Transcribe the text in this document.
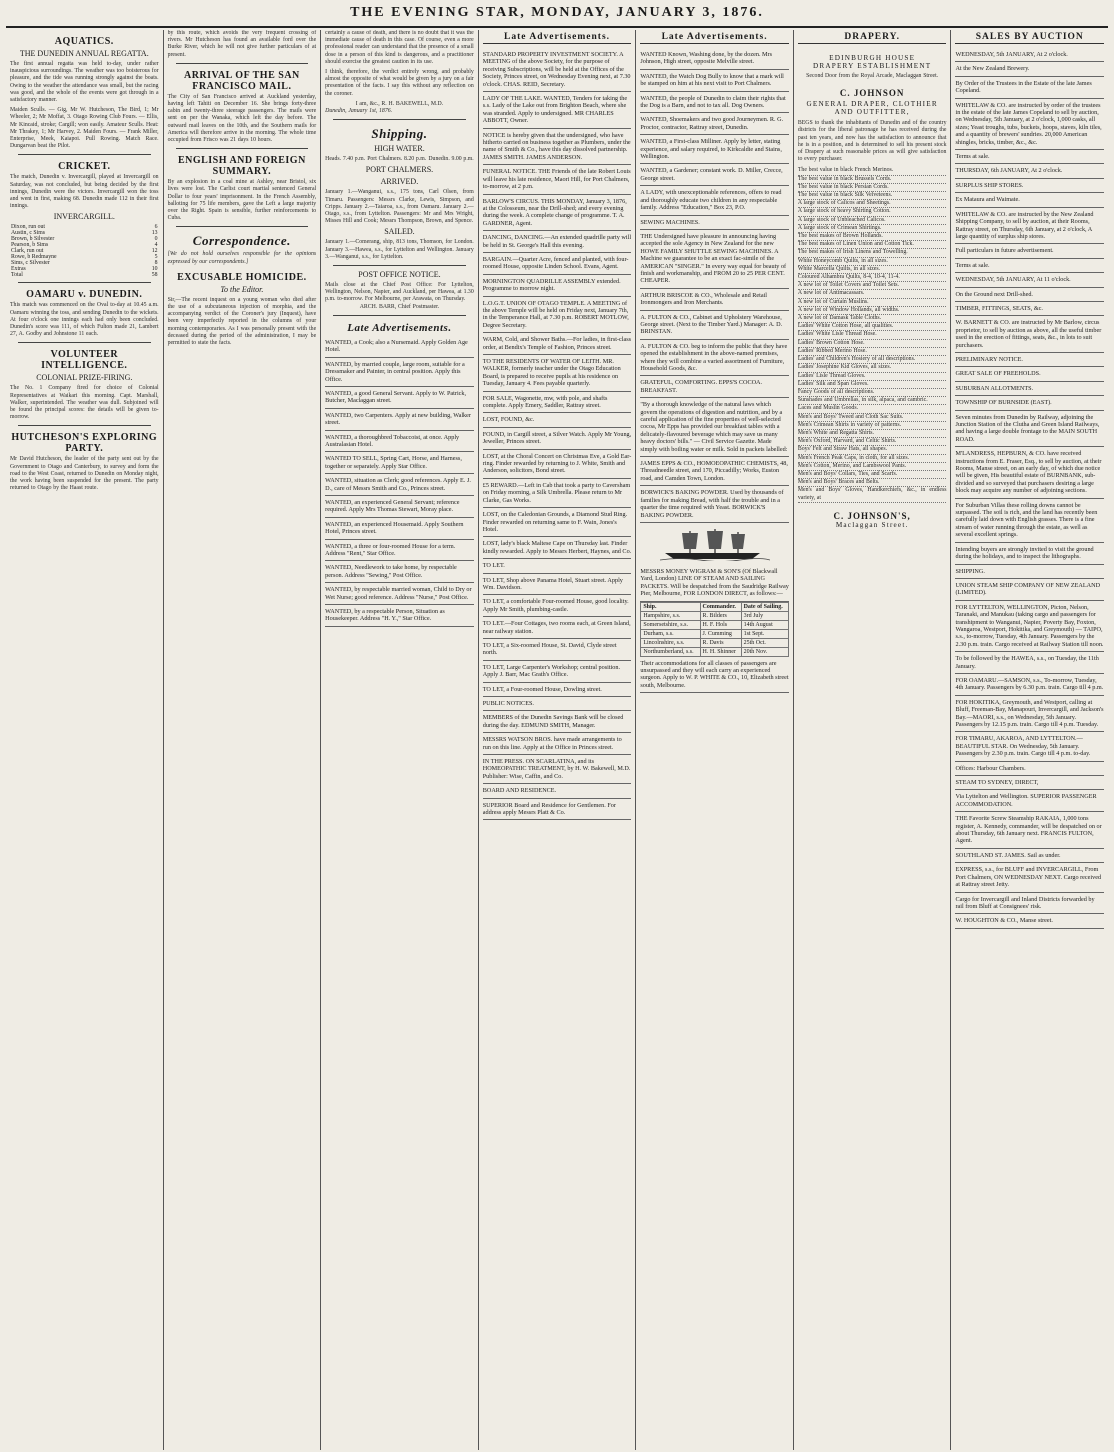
THE EVENING STAR, MONDAY, JANUARY 3, 1876.
AQUATICS.
THE DUNEDIN ANNUAL REGATTA.
The first annual regatta was held to-day, under rather inauspicious surroundings. The weather was too boisterous for pleasure, and the tide was running strongly against the boats. Owing to the weather the attendance was small, but the racing was good, and the whole of the events were got through in a satisfactory manner.
Maiden Sculls. — Gig, Mr W. Hutcheson, The Bird, 1; Mr Wheeler, 2; Mr Moffat, 3. Otago Rowing Club Fours. — Ellis, Mr Kincaid, stroke; Cargill; won easily. Amateur Sculls. Heat: Mr Thrakey, 1; Mr Harvey, 2. Maiden Fours. — Frank Miller, Enterprise, Meek, Kaiapoi. Pull Rowing. Match Race. Dungarvan beat the Pilot.
CRICKET.
The match, Dunedin v. Invercargill, played at Invercargill on Saturday, was not concluded, but being decided by the first innings, Dunedin were the victors. Invercargill won the toss and went in first, making 68. Dunedin made 112 in their first innings.
INVERCARGILL.
Dixon, run out	6
Austin, c Sims	13
Brown, b Silvester	0
Pearson, b Sims	4
Clark, run out	12
Rowe, b Redmayne	5
Sims, c Silvester	8
Extras	10
Total	58
OAMARU v. DUNEDIN.
This match was commenced on the Oval to-day at 10.45 a.m. Oamaru winning the toss, and sending Dunedin to the wickets. At four o'clock one innings each had only been concluded. Dunedin's score was 111, of which Fulton made 21, Lambert 27, A. Godby and Johnstone 11 each.
VOLUNTEER INTELLIGENCE.
COLONIAL PRIZE-FIRING.
The No. 1 Company fired for choice of Colonial Representatives at Waikari this morning. Capt. Marshall, Walker, superintended. The weather was dull. Subjoined will be found the principal scores: the details will be given to-morrow.
HUTCHESON'S EXPLORING PARTY.
Mr David Hutcheson, the leader of the party sent out by the Government to Otago and Canterbury, to survey and form the road to the West Coast, returned to Dunedin on Monday night, the work having been suspended for the present. The party returned to Otago by the Haast route.
by this route, which avoids the very frequent crossing of rivers. Mr Hutcheson has found an available ford over the Burke River, which he will not give further particulars of at present.
ARRIVAL OF THE SAN FRANCISCO MAIL.
The City of San Francisco arrived at Auckland yesterday, having left Tahiti on December 16. She brings forty-three cabin and twenty-three steerage passengers. The mails were sent on per the Wanaka, which left the day before. The outward mail leaves on the 10th, and the Southern mails for America will therefore arrive in the morning. The whole time occupied from Frisco was 21 days 10 hours.
ENGLISH AND FOREIGN SUMMARY.
By an explosion in a coal mine at Ashley, near Bristol, six lives were lost. The Carlist court martial sentenced General Dollar to four years' imprisonment. In the French Assembly, balloting for 75 life members, gave the Left a large majority over the Right. Spain is sensible, further reinforcements to Cuba.
Correspondence.
[We do not hold ourselves responsible for the opinions expressed by our correspondents.]
EXCUSABLE HOMICIDE.
To the Editor.
Sir,—The recent inquest on a young woman who died after the use of a subcutaneous injection of morphia, and the accompanying verdict of the Coroner's jury (Inquest), have been very imperfectly reported in the columns of your morning contemporaries. As I was personally present with the deceased during the period of the administration, I may be permitted to state the facts.
certainly a cause of death, and there is no doubt that it was the immediate cause of death in this case. Of course, even a more professional reader can understand that the presence of a small dose in a person of this kind is dangerous, and a practitioner should exercise the greatest caution in its use.
I think, therefore, the verdict entirely wrong, and probably almost the opposite of what would be given by a jury on a fair presentation of the facts. I say this without any reflection on the coroner.
I am, &c., R. H. BAKEWELL, M.D.
Dunedin, January 1st, 1876.
Shipping.
HIGH WATER.
Heads. 7.40 p.m. Port Chalmers. 8.20 p.m. Dunedin. 9.00 p.m.
PORT CHALMERS.
ARRIVED.
January 1.—Wanganui, s.s., 175 tons, Carl Olsen, from Timaru. Passengers: Messrs Clarke, Lewis, Simpson, and Cripps. January 2.—Taiaroa, s.s., from Oamaru. January 2.—Otago, s.s., from Lyttelton. Passengers: Mr and Mrs Wright, Misses Hill and Cook; Messrs Thompson, Brown, and Spence.
SAILED.
January 1.—Comerang, ship, 813 tons, Thomson, for London. January 3.—Hawea, s.s., for Lyttelton and Wellington. January 3.—Wanganui, s.s., for Lyttelton.
POST OFFICE NOTICE.
Mails close at the Chief Post Office: For Lyttelton, Wellington, Nelson, Napier, and Auckland, per Hawea, at 1.30 p.m. to-morrow. For Melbourne, per Arawata, on Thursday.
ARCH. BARR, Chief Postmaster.
Late Advertisements.
WANTED, a Cook; also a Nursemaid. Apply Golden Age Hotel.
WANTED, by married couple, large room, suitable for a Dressmaker and Painter, in central position. Apply this Office.
WANTED, a good General Servant. Apply to W. Patrick, Butcher, Maclaggan street.
WANTED, two Carpenters. Apply at new building, Walker street.
WANTED, a thoroughbred Tobaccoist, at once. Apply Australasian Hotel.
WANTED TO SELL, Spring Cart, Horse, and Harness, together or separately. Apply Star Office.
WANTED, situation as Clerk; good references. Apply E. J. D., care of Messrs Smith and Co., Princes street.
WANTED, an experienced General Servant; reference required. Apply Mrs Thomas Stewart, Moray place.
WANTED, an experienced Housemaid. Apply Southern Hotel, Princes street.
WANTED, a three or four-roomed House for a term. Address "Rent," Star Office.
WANTED, Needlework to take home, by respectable person. Address "Sewing," Post Office.
WANTED, by respectable married woman, Child to Dry or Wet Nurse; good reference. Address "Nurse," Post Office.
WANTED, by a respectable Person, Situation as Housekeeper. Address "H. Y.," Star Office.
Late Advertisements.
STANDARD PROPERTY INVESTMENT SOCIETY. A MEETING of the above Society, for the purpose of receiving Subscriptions, will be held at the Offices of the Society, Princes street, on Wednesday Evening next, at 7.30 o'clock. CHAS. REID, Secretary.
LADY OF THE LAKE. WANTED, Tenders for taking the s.s. Lady of the Lake out from Brighton Beach, where she was stranded. Apply to undersigned. MR CHARLES ABBOTT, Owner.
NOTICE is hereby given that the undersigned, who have hitherto carried on business together as Plumbers, under the name of Smith & Co., have this day dissolved partnership. JAMES SMITH. JAMES ANDERSON.
FUNERAL NOTICE. THE Friends of the late Robert Louis will leave his late residence, Maori Hill, for Port Chalmers, to-morrow, at 2 p.m.
BARLOW'S CIRCUS. THIS MONDAY, January 3, 1876, at the Colosseum, near the Drill-shed; and every evening during the week. A complete change of programme. T. A. GARDNER, Agent.
DANCING, DANCING.—An extended quadrille party will be held in St. George's Hall this evening.
BARGAIN.—Quarter Acre, fenced and planted, with four-roomed House, opposite Linden School. Evans, Agent.
MORNINGTON QUADRILLE ASSEMBLY extended. Programme to morrow night.
L.O.G.T. UNION OF OTAGO TEMPLE. A MEETING of the above Temple will be held on Friday next, January 7th, in the Temperance Hall, at 7.30 p.m. ROBERT MOTLOW, Degree Secretary.
WARM, Cold, and Shower Baths.—For ladies, in first-class order, at Bendix's Temple of Fashion, Princes street.
TO THE RESIDENTS OF WATER OF LEITH. MR. WALKER, formerly teacher under the Otago Education Board, is prepared to receive pupils at his residence on Tuesday, January 4. Fees payable quarterly.
FOR SALE, Wagonette, mw, with pole, and shafts complete. Apply Emery, Saddler, Rattray street.
LOST, FOUND, &c.
FOUND, in Cargill street, a Silver Watch. Apply Mr Young, Jeweller, Princes street.
LOST, at the Choral Concert on Christmas Eve, a Gold Ear-ring. Finder rewarded by returning to J. White, Smith and Anderson, solicitors, Bond street.
£5 REWARD.—Left in Cab that took a party to Caversham on Friday morning, a Silk Umbrella. Please return to Mr Clarke, Gas Works.
LOST, on the Caledonian Grounds, a Diamond Stud Ring. Finder rewarded on returning same to F. Wain, Jones's Hotel.
LOST, lady's black Maltese Cape on Thursday last. Finder kindly rewarded. Apply to Messrs Herbert, Haynes, and Co.
TO LET.
TO LET, Shop above Panama Hotel, Stuart street. Apply Wm. Davidson.
TO LET, a comfortable Four-roomed House, good locality. Apply Mr Smith, plumbing-castle.
TO LET.—Four Cottages, two rooms each, at Green Island, near railway station.
TO LET, a Six-roomed House, St. David, Clyde street north.
TO LET, Large Carpenter's Workshop; central position. Apply J. Barr, Mac Grath's Office.
TO LET, a Four-roomed House, Dowling street.
PUBLIC NOTICES.
MEMBERS of the Dunedin Savings Bank will be closed during the day. EDMUND SMITH, Manager.
MESSRS WATSON BROS. have made arrangements to run on this line. Apply at the Office in Princes street.
IN THE PRESS. ON SCARLATINA, and its HOMEOPATHIC TREATMENT, by H. W. Bakewell, M.D. Publisher: Wise, Caffin, and Co.
BOARD AND RESIDENCE.
SUPERIOR Board and Residence for Gentlemen. For address apply Messrs Platt & Co.
Late Advertisements.
WANTED Known, Washing done, by the dozen. Mrs Johnson, High street, opposite Melville street.
WANTED, the Watch Dog Bully to know that a mark will be stamped on him at his next visit to Port Chalmers.
WANTED, the people of Dunedin to claim their rights that the Dog is a Barn, and not to tax all. Dog Owners.
WANTED, Shoemakers and two good Journeymen. R. G. Proctor, contractor, Rattray street, Dunedin.
WANTED, a First-class Milliner. Apply by letter, stating experience, and salary required, to Kirkcaldie and Stains, Wellington.
WANTED, a Gardener; constant work. D. Miller, Crecce, George street.
A LADY, with unexceptionable references, offers to read and thoroughly educate two children in any respectable family. Address "Education," Box 23, P.O.
SEWING MACHINES.
THE Undersigned have pleasure in announcing having accepted the sole Agency in New Zealand for the new HOWE FAMILY SHUTTLE SEWING MACHINES. A Machine we guarantee to be an exact fac-simile of the AMERICAN "SINGER." In every way equal for beauty of finish and workmanship, and FROM 20 to 25 PER CENT. CHEAPER.
ARTHUR BRISCOE & CO., Wholesale and Retail Ironmongers and Iron Merchants.
A. FULTON & CO., Cabinet and Upholstery Warehouse, George street. (Next to the Timber Yard.) Manager: A. D. BRINSTAN.
A. FULTON & CO. beg to inform the public that they have opened the establishment in the above-named premises, where they will combine a varied assortment of Furniture, Household Goods, &c.
GRATEFUL, COMFORTING. EPPS'S COCOA. BREAKFAST.
"By a thorough knowledge of the natural laws which govern the operations of digestion and nutrition, and by a careful application of the fine properties of well-selected cocoa, Mr Epps has provided our breakfast tables with a delicately-flavoured beverage which may save us many heavy doctors' bills." — Civil Service Gazette. Made simply with boiling water or milk. Sold in packets labelled:
JAMES EPPS & CO., HOMOEOPATHIC CHEMISTS, 48, Threadneedle street, and 170, Piccadilly; Works, Euston road, and Camden Town, London.
BORWICK'S BAKING POWDER. Used by thousands of families for making Bread, with half the trouble and in a quarter the time required with Yeast. BORWICK'S BAKING POWDER.
MESSRS MONEY WIGRAM & SON'S (Of Blackwall Yard, London) LINE OF STEAM AND SAILING PACKETS. Will be despatched from the Saudridge Railway Pier, Melbourne, FOR LONDON DIRECT, as follows:—
Ship.	Commander.	Date of Sailing.
Hampshire, s.s.	R. Bilders	3rd July
Somersetshire, s.s.	H. F. Hols	14th August
Durham, s.s.	J. Cumming	1st Sept.
Lincolnshire, s.s.	R. Davis	25th Oct.
Northumberland, s.s.	H. H. Shinner	20th Nov.
Their accommodations for all classes of passengers are unsurpassed and they will each carry an experienced surgeon. Apply to W. P. WHITE & CO., 10, Elizabeth street south, Melbourne.
DRAPERY.
EDINBURGH HOUSE
DRAPERY ESTABLISHMENT
Second Door from the Royal Arcade, Maclaggan Street.
C. JOHNSON
GENERAL DRAPER, CLOTHIER AND OUTFITTER,
BEGS to thank the inhabitants of Dunedin and of the country districts for the liberal patronage he has received during the past ten years, and now has the satisfaction to announce that he is in a position, and is determined to sell his present stock of Drapery at such reasonable prices as will give satisfaction to every purchaser.
The best value in black French Merinos.
The best value in black Brussels Cords.
The best value in black Persian Cords.
The best value in black Silk Velveteens.
A large stock of Calicos and Sheetings.
A large stock of heavy Shirting Cotton.
A large stock of Unbleached Calicos.
A large stock of Crimean Shirtings.
The best makes of Brown Hollands.
The best makes of Linen Union and Cotton Tick.
The best makes of Irish Linens and Towelling.
White Honeycomb Quilts, in all sizes.
White Marcella Quilts, in all sizes.
Coloured Alhambra Quilts, 8-4, 10-4, 11-4.
A new lot of Toilet Covers and Toilet Sets.
A new lot of Antimacassars.
A new lot of Curtain Muslins.
A new lot of Window Hollands, all widths.
A new lot of Damask Table Cloths.
Ladies' White Cotton Hose, all qualities.
Ladies' White Lisle Thread Hose.
Ladies' Brown Cotton Hose.
Ladies' Ribbed Merino Hose.
Ladies' and Children's Hosiery of all descriptions.
Ladies' Josephine Kid Gloves, all sizes.
Ladies' Lisle Thread Gloves.
Ladies' Silk and Span Gloves.
Fancy Goods of all descriptions.
Sunshades and Umbrellas, in silk, alpaca, and cambric.
Laces and Muslin Goods.
Men's and Boys' Tweed and Cloth Sac Suits.
Men's Crimean Shirts in variety of patterns.
Men's White and Regatta Shirts.
Men's Oxford, Harvard, and Celtic Shirts.
Boys' Felt and Straw Hats, all shapes.
Men's French Peak Caps, in cloth, for all sizes.
Men's Cotton, Merino, and Lambswool Pants.
Men's and Boys' Collars, Ties, and Scarfs.
Men's and Boys' Braces and Belts.
Men's and Boys' Gloves, Handkerchiefs, &c., in endless variety, at
C. JOHNSON'S,
Maclaggan Street.
SALES BY AUCTION
WEDNESDAY, 5th JANUARY, At 2 o'clock.
At the New Zealand Brewery.
By Order of the Trustees in the Estate of the late James Copeland.
WHITELAW & CO. are instructed by order of the trustees in the estate of the late James Copeland to sell by auction, on Wednesday, 5th January, at 2 o'clock, 1,000 casks, all sizes; Yeast troughs, tubs, buckets, hoops, staves, kiln tiles, and a quantity of brewers' sundries. 20,000 American shingles, bricks, timber, &c., &c.
Terms at sale.
THURSDAY, 6th JANUARY, At 2 o'clock.
SURPLUS SHIP STORES.
Ex Mataura and Waimate.
WHITELAW & CO. are instructed by the New Zealand Shipping Company, to sell by auction, at their Rooms, Rattray street, on Thursday, 6th January, at 2 o'clock, A large quantity of surplus ship stores.
Full particulars in future advertisement.
Terms at sale.
WEDNESDAY, 5th JANUARY, At 11 o'clock.
On the Ground next Drill-shed.
TIMBER, FITTINGS, SEATS, &c.
W. BARNETT & CO. are instructed by Mr Barlow, circus proprietor, to sell by auction as above, all the useful timber used in the erection of fittings, seats, &c., in lots to suit purchasers.
PRELIMINARY NOTICE.
GREAT SALE OF FREEHOLDS.
SUBURBAN ALLOTMENTS.
TOWNSHIP OF BURNSIDE (EAST).
Seven minutes from Dunedin by Railway, adjoining the Junction Station of the Clutha and Green Island Railways, and having a large double frontage to the MAIN SOUTH ROAD.
M'LANDRESS, HEPBURN, & CO. have received instructions from E. Fraser, Esq., to sell by auction, at their Rooms, Manse street, on an early day, of which due notice will be given, His beautiful estate of BURNBANK, sub-divided and so surveyed that purchasers desiring a large block may acquire any number of adjoining sections.
For Suburban Villas these rolling downs cannot be surpassed. The soil is rich, and the land has recently been carefully laid down with English grasses. There is a fine stream of water running through the estate, as well as several excellent springs.
Intending buyers are strongly invited to visit the ground during the holidays, and to inspect the lithographs.
SHIPPING.
UNION STEAM SHIP COMPANY OF NEW ZEALAND (LIMITED).
FOR LYTTELTON, WELLINGTON, Picton, Nelson, Taranaki, and Manukau (taking cargo and passengers for transhipment to Wanganui, Napier, Poverty Bay, Foxton, Wangaroa, Westport, Hokitika, and Greymouth) — TAIPO, s.s., to-morrow, Tuesday, 4th January. Passengers by the 2.30 p.m. train. Cargo received at Railway Station till noon.
To be followed by the HAWEA, s.s., on Tuesday, the 11th January.
FOR OAMARU.—SAMSON, s.s., To-morrow, Tuesday, 4th January. Passengers by 6.30 p.m. train. Cargo till 4 p.m.
FOR HOKITIKA, Greymouth, and Westport, calling at Bluff, Freeman-Bay, Manapouri, Invercargill, and Jackson's Bay.—MAORI, s.s., on Wednesday, 5th January. Passengers by 12.15 p.m. train. Cargo till 4 p.m. Tuesday.
FOR TIMARU, AKAROA, AND LYTTELTON.—BEAUTIFUL STAR. On Wednesday, 5th January. Passengers by 2.30 p.m. train. Cargo till 4 p.m. to-day.
Offices: Harbour Chambers.
STEAM TO SYDNEY, DIRECT,
Via Lyttelton and Wellington. SUPERIOR PASSENGER ACCOMMODATION.
THE Favorite Screw Steamship RAKAIA, 1,000 tons register, A. Kennedy, commander, will be despatched on or about Thursday, 6th January next. FRANCIS FULTON, Agent.
SOUTHLAND ST. JAMES. Sail as under.
EXPRESS, s.s., for BLUFF and INVERCARGILL, From Port Chalmers, ON WEDNESDAY NEXT. Cargo received at Rattray street Jetty.
Cargo for Invercargill and Inland Districts forwarded by rail from Bluff at Consignees' risk.
W. HOUGHTON & CO., Manse street.
